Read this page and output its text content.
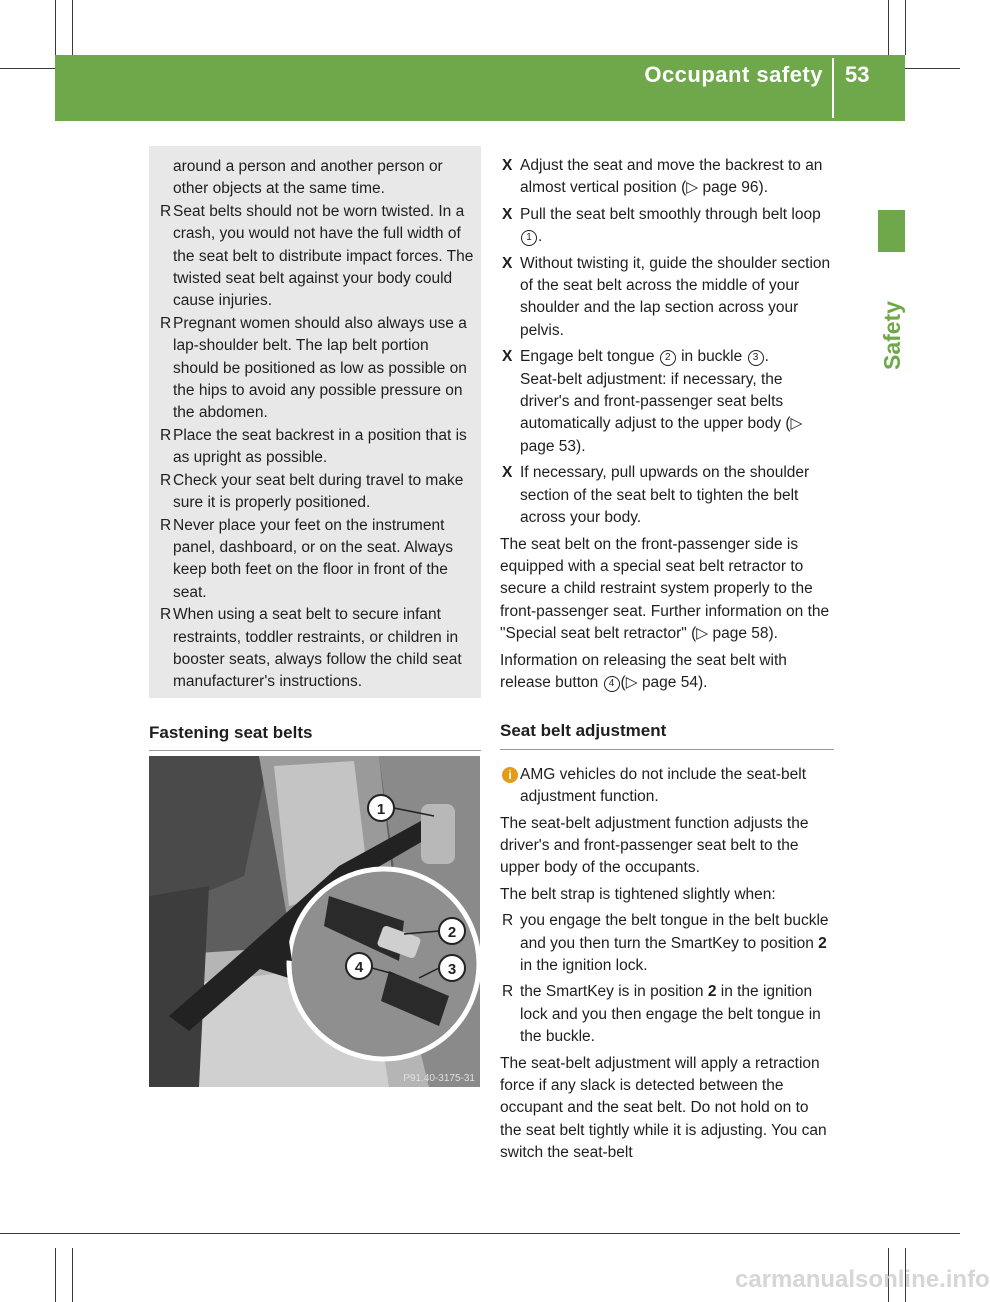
Occupant safety 53
Safety

around a person and another person or other objects at the same time.

R Seat belts should not be worn twisted. In a crash, you would not have the full width of the seat belt to distribute impact forces. The twisted seat belt against your body could cause injuries.

R Pregnant women should also always use a lap-shoulder belt. The lap belt portion should be positioned as low as possible on the hips to avoid any possible pressure on the abdomen.

R Place the seat backrest in a position that is as upright as possible.

R Check your seat belt during travel to make sure it is properly positioned.

R Never place your feet on the instrument panel, dashboard, or on the seat. Always keep both feet on the floor in front of the seat.

R When using a seat belt to secure infant restraints, toddler restraints, or children in booster seats, always follow the child seat manufacturer's instructions.

Fastening seat belts

1
2
3
4
P91.40-3175-31

X Adjust the seat and move the backrest to an almost vertical position (▷ page 96).

X Pull the seat belt smoothly through belt loop 1 .

X Without twisting it, guide the shoulder section of the seat belt across the middle of your shoulder and the lap section across your pelvis.

X Engage belt tongue 2 in buckle 3 .
Seat-belt adjustment: if necessary, the driver's and front-passenger seat belts automatically adjust to the upper body (▷ page 53).

X If necessary, pull upwards on the shoulder section of the seat belt to tighten the belt across your body.

The seat belt on the front-passenger side is equipped with a special seat belt retractor to secure a child restraint system properly to the front-passenger seat. Further information on the "Special seat belt retractor" (▷ page 58).

Information on releasing the seat belt with release button 4 (▷ page 54).

Seat belt adjustment

i AMG vehicles do not include the seat-belt adjustment function.

The seat-belt adjustment function adjusts the driver's and front-passenger seat belt to the upper body of the occupants.

The belt strap is tightened slightly when:

R you engage the belt tongue in the belt buckle and you then turn the SmartKey to position 2 in the ignition lock.

R the SmartKey is in position 2 in the ignition lock and you then engage the belt tongue in the buckle.

The seat-belt adjustment will apply a retraction force if any slack is detected between the occupant and the seat belt. Do not hold on to the seat belt tightly while it is adjusting. You can switch the seat-belt

carmanualsonline.info
